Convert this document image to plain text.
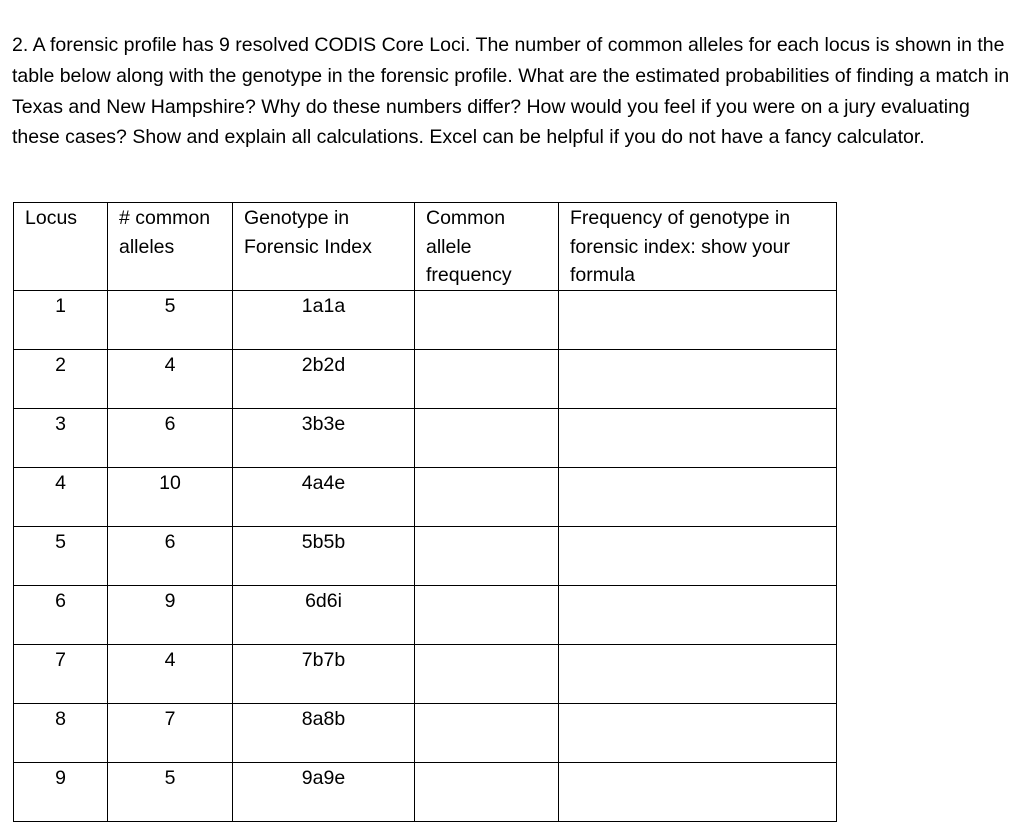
2. A forensic profile has 9 resolved CODIS Core Loci. The number of common alleles for each locus is shown in the table below along with the genotype in the forensic profile. What are the estimated probabilities of finding a match in Texas and New Hampshire? Why do these numbers differ? How would you feel if you were on a jury evaluating these cases? Show and explain all calculations. Excel can be helpful if you do not have a fancy calculator.

Locus	# common alleles	Genotype in Forensic Index	Common allele frequency	Frequency of genotype in forensic index: show your formula
1	5	1a1a		
2	4	2b2d		
3	6	3b3e		
4	10	4a4e		
5	6	5b5b		
6	9	6d6i		
7	4	7b7b		
8	7	8a8b		
9	5	9a9e		
